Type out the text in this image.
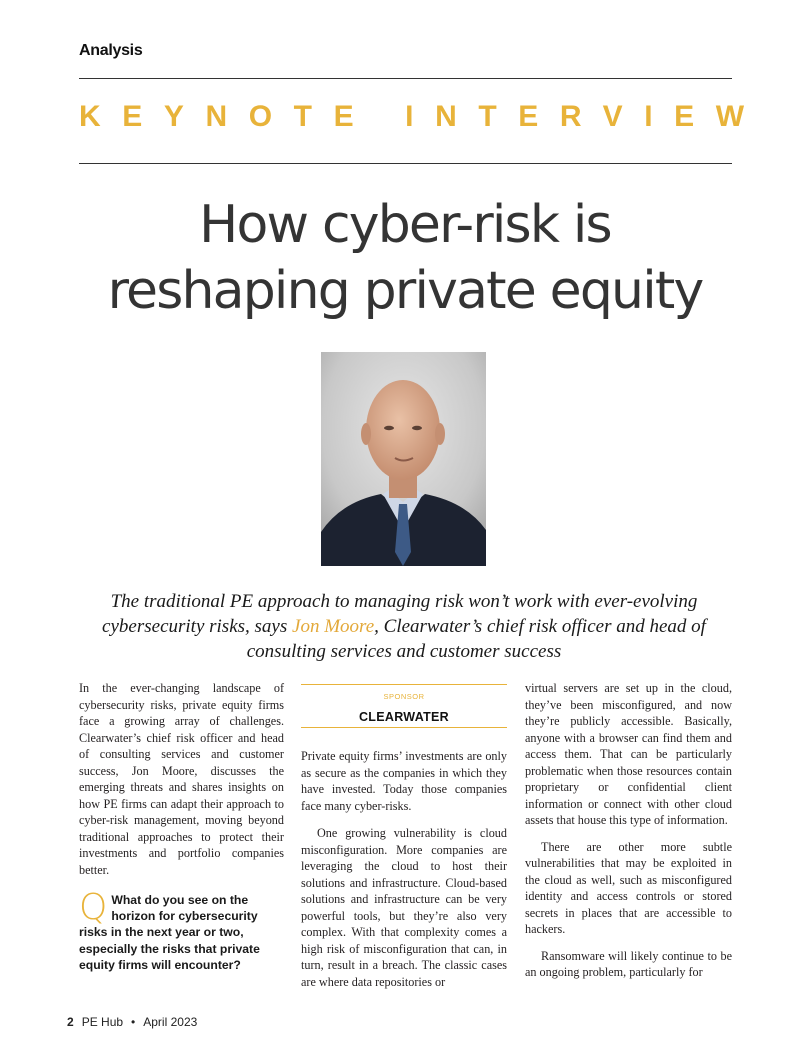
Analysis
KEYNOTE INTERVIEW
How cyber-risk is
reshaping private equity

The traditional PE approach to managing risk won’t work with ever-evolving cybersecurity risks, says Jon Moore, Clearwater’s chief risk officer and head of consulting services and customer success

In the ever-changing landscape of cybersecurity risks, private equity firms face a growing array of challenges. Clearwater’s chief risk officer and head of consulting services and customer success, Jon Moore, discusses the emerging threats and shares insights on how PE firms can adapt their approach to cyber-risk management, moving beyond traditional approaches to protect their investments and portfolio companies better.

Q What do you see on the horizon for cybersecurity risks in the next year or two, especially the risks that private equity firms will encounter?
SPONSOR
CLEARWATER

Private equity firms’ investments are only as secure as the companies in which they have invested. Today those companies face many cyber-risks.

One growing vulnerability is cloud misconfiguration. More companies are leveraging the cloud to host their solutions and infrastructure. Cloud-based solutions and infrastructure can be very powerful tools, but they’re also very complex. With that complexity comes a high risk of misconfiguration that can, in turn, result in a breach. The classic cases are where data repositories or

virtual servers are set up in the cloud, they’ve been misconfigured, and now they’re publicly accessible. Basically, anyone with a browser can find them and access them. That can be particularly problematic when those resources contain proprietary or confidential client information or connect with other cloud assets that house this type of information.

There are other more subtle vulnerabilities that may be exploited in the cloud as well, such as misconfigured identity and access controls or stored secrets in places that are accessible to hackers.

Ransomware will likely continue to be an ongoing problem, particularly for

2 PE Hub • April 2023
